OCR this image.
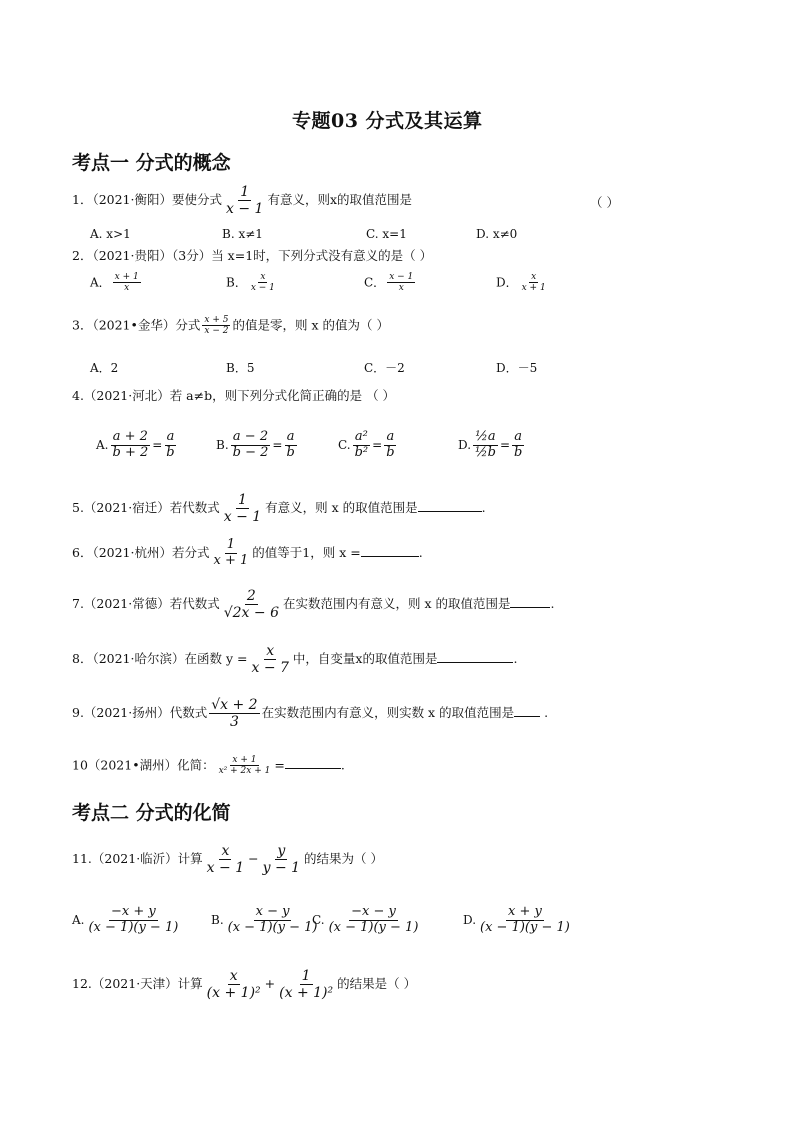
专题03 分式及其运算
考点一 分式的概念
1．（2021·衡阳）要使分式 $\frac{1}{x - 1}$ 有意义，则x的取值范围是	（ ）
A. x>1	B. x≠1	C. x=1	D. x≠0
2．（2021·贵阳）（3分）当 x=1时，下列分式没有意义的是（ ）
A． $\frac{x + 1}{x}$	B． $\frac{x}{x - 1}$	C． $\frac{x - 1}{x}$	D． $\frac{x}{x + 1}$
3．（2021•金华）分式 $\frac{x + 5}{x - 2}$ 的值是零，则 x 的值为（ ）
A．2	B．5	C．－2	D．－5
4.（2021·河北）若 a≠b，则下列分式化简正确的是 （ ）
A. $\frac{a + 2}{b + 2} = \frac{a}{b}$	B. $\frac{a - 2}{b - 2} = \frac{a}{b}$	C. $\frac{\text{a²}}{\text{b²}} = \frac{a}{b}$	D. $\frac{\text{½a}}{\text{½b}} = \frac{a}{b}$
5.（2021·宿迁）若代数式 $\frac{1}{x - 1}$ 有意义，则 x 的取值范围是	.
6．（2021·杭州）若分式 $\frac{1}{x + 1}$ 的值等于1，则 x =	.
7.（2021·常德）若代数式 $\frac{2}{√2x - 6}$ 在实数范围内有意义，则 x 的取值范围是	.
8．（2021·哈尔滨）在函数 $y = \frac{x}{x - 7}$ 中，自变量x的取值范围是	.
9.（2021·扬州）代数式 $\frac{√x + 2}{3}$ 在实数范围内有意义，则实数 x 的取值范围是 .
10（2021•湖州）化简： $\frac{x + 1}{\text{x² + 2x + 1}}$ =	.
考点二 分式的化简
11.（2021·临沂）计算 $\frac{x}{x - 1} - \frac{y}{y - 1}$ 的结果为（ ）
A. $\frac{-x + y}{(x - 1)(y - 1)}$	B. $\frac{x - y}{(x - 1)(y - 1)}$
C. $\frac{-x - y}{(x - 1)(y - 1)}$	D. $\frac{x + y}{(x - 1)(y - 1)}$
12.（2021·天津）计算 $\frac{x}{\text{(x + 1)²}} + \frac{1}{\text{(x + 1)²}}$ 的结果是（ ）
